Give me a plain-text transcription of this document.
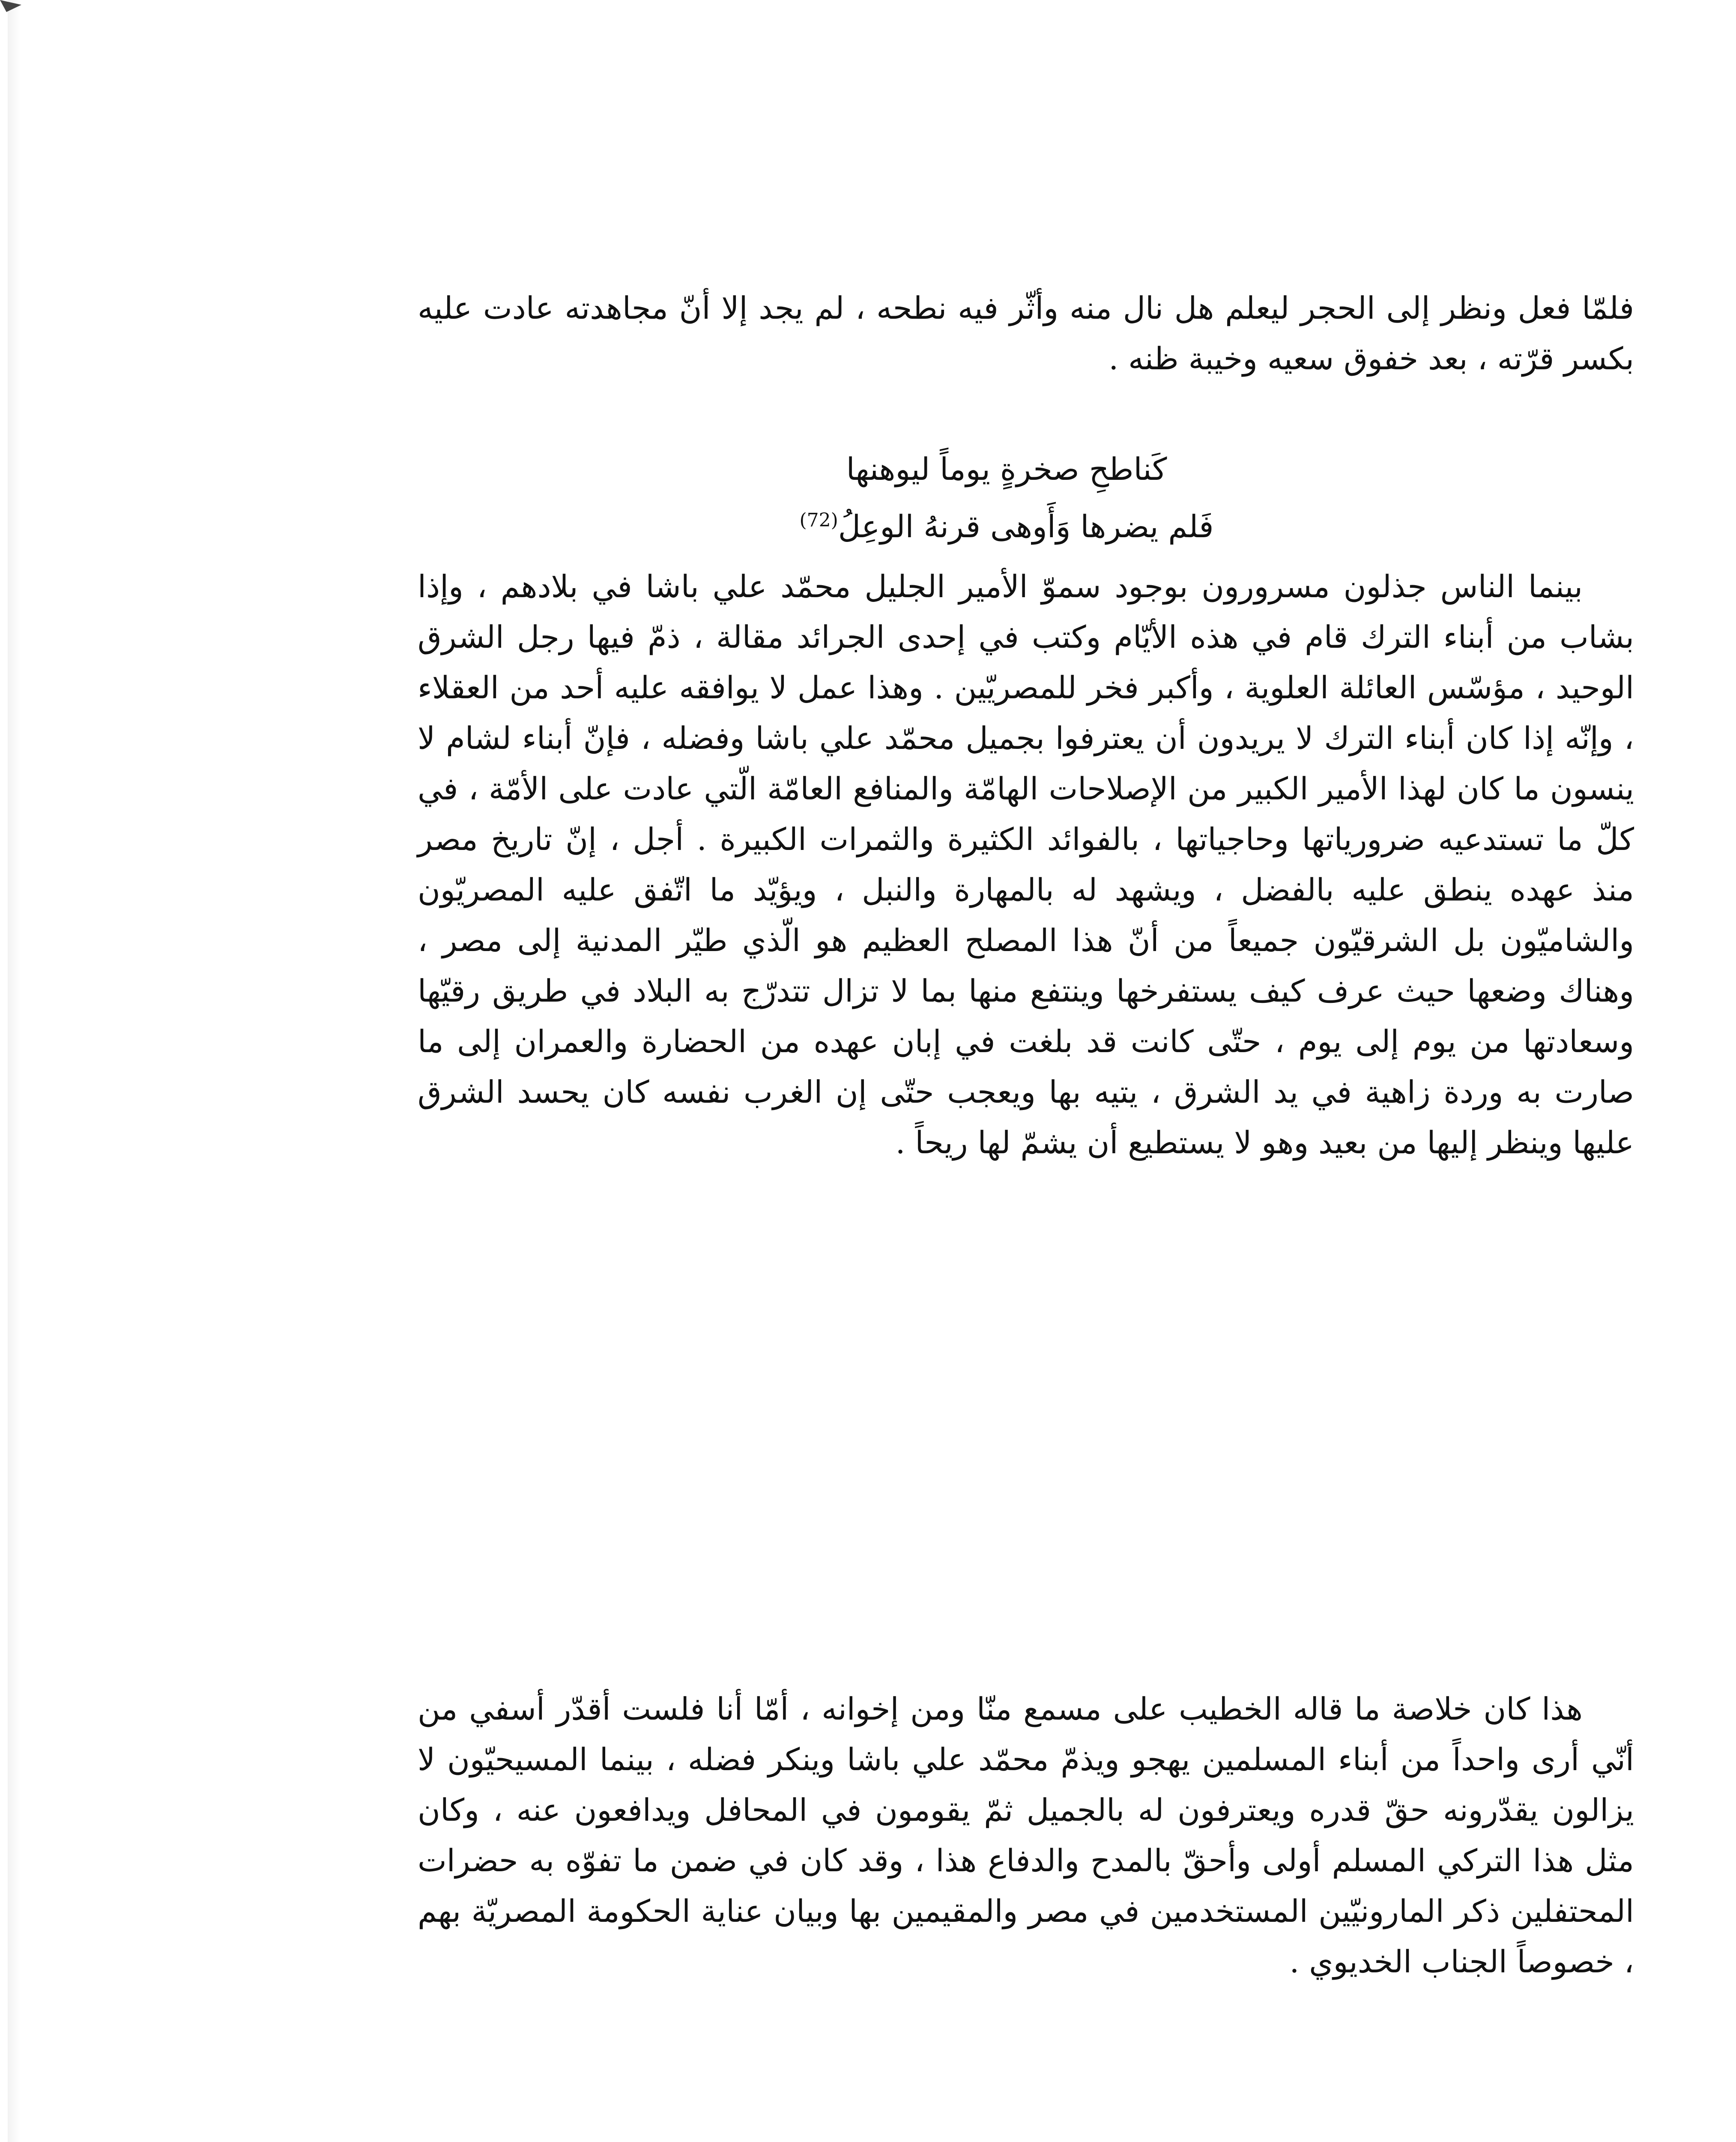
فلمّا فعل ونظر إلى الحجر ليعلم هل نال منه وأثّر فيه نطحه ، لم يجد إلا أنّ مجاهدته عادت عليه بكسر قرّته ، بعد خفوق سعيه وخيبة ظنه .

كَناطحِ صخرةٍ يوماً ليوهنها
فَلم يضرها وَأَوهى قرنهُ الوعِلُ$^{(72)}$

بينما الناس جذلون مسرورون بوجود سموّ الأمير الجليل محمّد علي باشا في بلادهم ، وإذا بشاب من أبناء الترك قام في هذه الأيّام وكتب في إحدى الجرائد مقالة ، ذمّ فيها رجل الشرق الوحيد ، مؤسّس العائلة العلوية ، وأكبر فخر للمصريّين . وهذا عمل لا يوافقه عليه أحد من العقلاء ، وإنّه إذا كان أبناء الترك لا يريدون أن يعترفوا بجميل محمّد علي باشا وفضله ، فإنّ أبناء لشام لا ينسون ما كان لهذا الأمير الكبير من الإصلاحات الهامّة والمنافع العامّة الّتي عادت على الأمّة ، في كلّ ما تستدعيه ضرورياتها وحاجياتها ، بالفوائد الكثيرة والثمرات الكبيرة . أجل ، إنّ تاريخ مصر منذ عهده ينطق عليه بالفضل ، ويشهد له بالمهارة والنبل ، ويؤيّد ما اتّفق عليه المصريّون والشاميّون بل الشرقيّون جميعاً من أنّ هذا المصلح العظيم هو الّذي طيّر المدنية إلى مصر ، وهناك وضعها حيث عرف كيف يستفرخها وينتفع منها بما لا تزال تتدرّج به البلاد في طريق رقيّها وسعادتها من يوم إلى يوم ، حتّى كانت قد بلغت في إبان عهده من الحضارة والعمران إلى ما صارت به وردة زاهية في يد الشرق ، يتيه بها ويعجب حتّى إن الغرب نفسه كان يحسد الشرق عليها وينظر إليها من بعيد وهو لا يستطيع أن يشمّ لها ريحاً .

هذا كان خلاصة ما قاله الخطيب على مسمع منّا ومن إخوانه ، أمّا أنا فلست أقدّر أسفي من أنّي أرى واحداً من أبناء المسلمين يهجو ويذمّ محمّد علي باشا وينكر فضله ، بينما المسيحيّون لا يزالون يقدّرونه حقّ قدره ويعترفون له بالجميل ثمّ يقومون في المحافل ويدافعون عنه ، وكان مثل هذا التركي المسلم أولى وأحقّ بالمدح والدفاع هذا ، وقد كان في ضمن ما تفوّه به حضرات المحتفلين ذكر المارونيّين المستخدمين في مصر والمقيمين بها وبيان عناية الحكومة المصريّة بهم ، خصوصاً الجناب الخديوي .
